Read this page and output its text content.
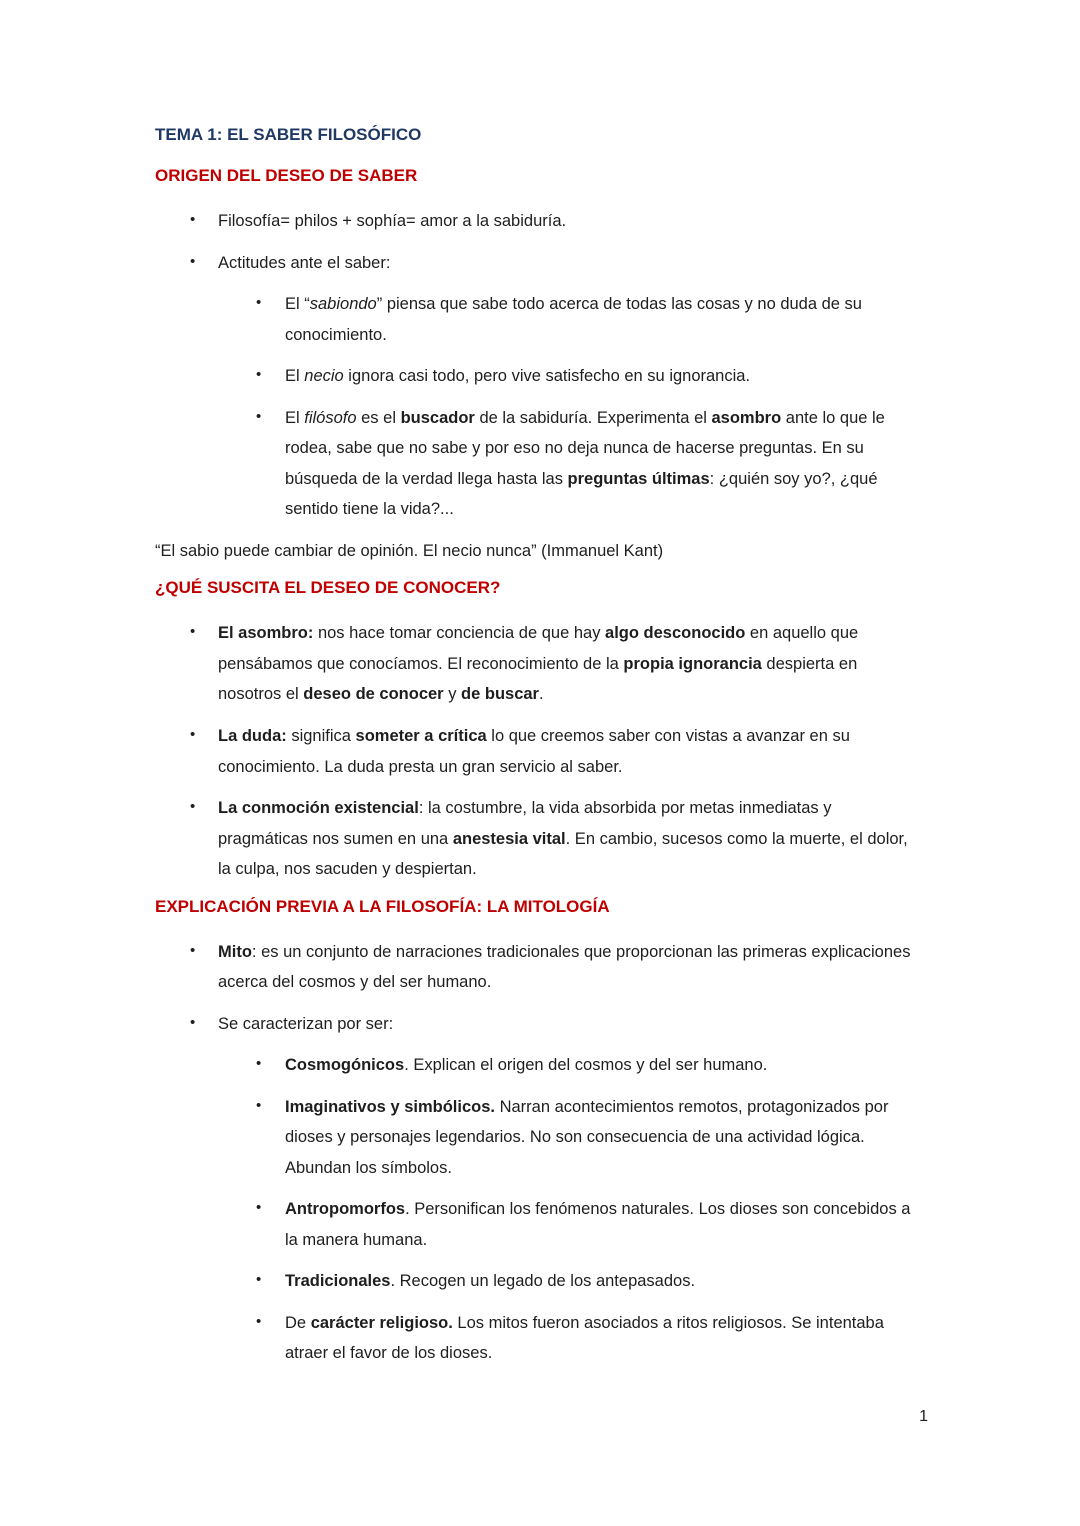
TEMA 1: EL SABER FILOSÓFICO
ORIGEN DEL DESEO DE SABER
• Filosofía= philos + sophía= amor a la sabiduría.
• Actitudes ante el saber:
• El “sabiondo” piensa que sabe todo acerca de todas las cosas y no duda de su conocimiento.
• El necio ignora casi todo, pero vive satisfecho en su ignorancia.
• El filósofo es el buscador de la sabiduría. Experimenta el asombro ante lo que le rodea, sabe que no sabe y por eso no deja nunca de hacerse preguntas. En su búsqueda de la verdad llega hasta las preguntas últimas: ¿quién soy yo?, ¿qué sentido tiene la vida?...

“El sabio puede cambiar de opinión. El necio nunca” (Immanuel Kant)

¿QUÉ SUSCITA EL DESEO DE CONOCER?
• El asombro: nos hace tomar conciencia de que hay algo desconocido en aquello que pensábamos que conocíamos. El reconocimiento de la propia ignorancia despierta en nosotros el deseo de conocer y de buscar.
• La duda: significa someter a crítica lo que creemos saber con vistas a avanzar en su conocimiento. La duda presta un gran servicio al saber.
• La conmoción existencial: la costumbre, la vida absorbida por metas inmediatas y pragmáticas nos sumen en una anestesia vital. En cambio, sucesos como la muerte, el dolor, la culpa, nos sacuden y despiertan.
EXPLICACIÓN PREVIA A LA FILOSOFÍA: LA MITOLOGÍA
• Mito: es un conjunto de narraciones tradicionales que proporcionan las primeras explicaciones acerca del cosmos y del ser humano.
• Se caracterizan por ser:
• Cosmogónicos. Explican el origen del cosmos y del ser humano.
• Imaginativos y simbólicos. Narran acontecimientos remotos, protagonizados por dioses y personajes legendarios. No son consecuencia de una actividad lógica. Abundan los símbolos.
• Antropomorfos. Personifican los fenómenos naturales. Los dioses son concebidos a la manera humana.
• Tradicionales. Recogen un legado de los antepasados.
• De carácter religioso. Los mitos fueron asociados a ritos religiosos. Se intentaba atraer el favor de los dioses.
1
